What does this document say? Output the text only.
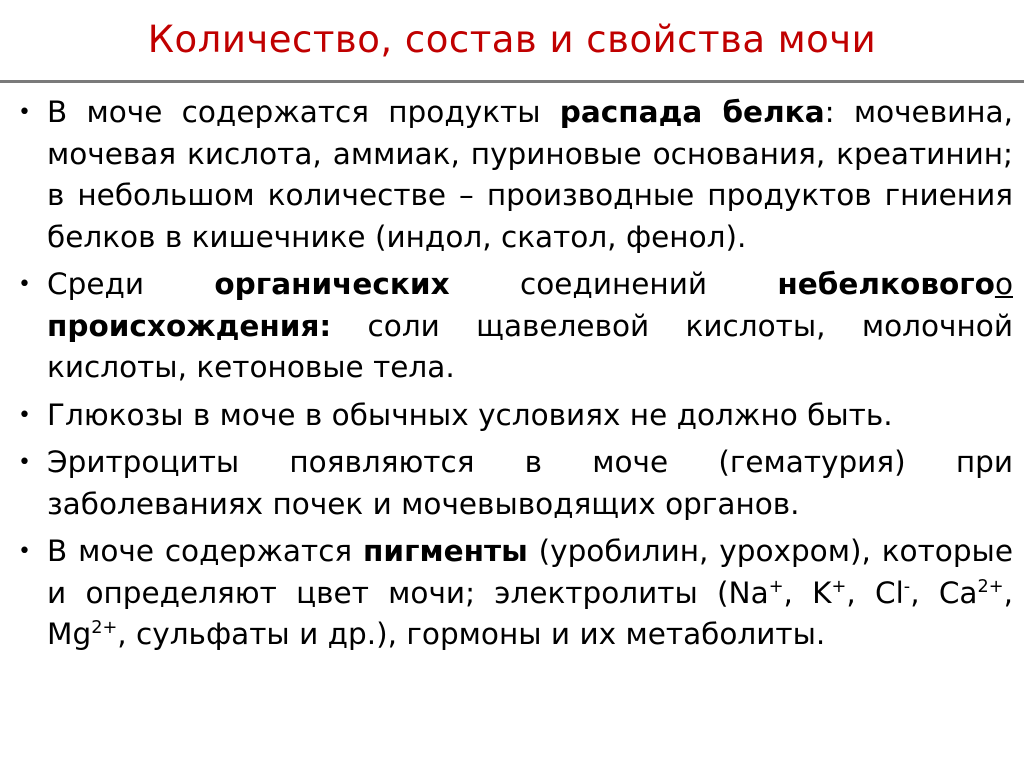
Количество, состав и свойства мочи
• В моче содержатся продукты распада белка: мочевина, мочевая кислота, аммиак, пуриновые основания, креатинин; в небольшом количестве – производные продуктов гниения белков в кишечнике (индол, скатол, фенол).
• Среди органических соединений небелковогоо происхождения: соли щавелевой кислоты, молочной кислоты, кетоновые тела.
• Глюкозы в моче в обычных условиях не должно быть.
• Эритроциты появляются в моче (гематурия) при заболеваниях почек и мочевыводящих органов.
• В моче содержатся пигменты (уробилин, урохром), которые и определяют цвет мочи; электролиты (Na+, K+, Cl-, $Ca^{2+}$, $Mg^{2+}$, сульфаты и др.), гормоны и их метаболиты.
